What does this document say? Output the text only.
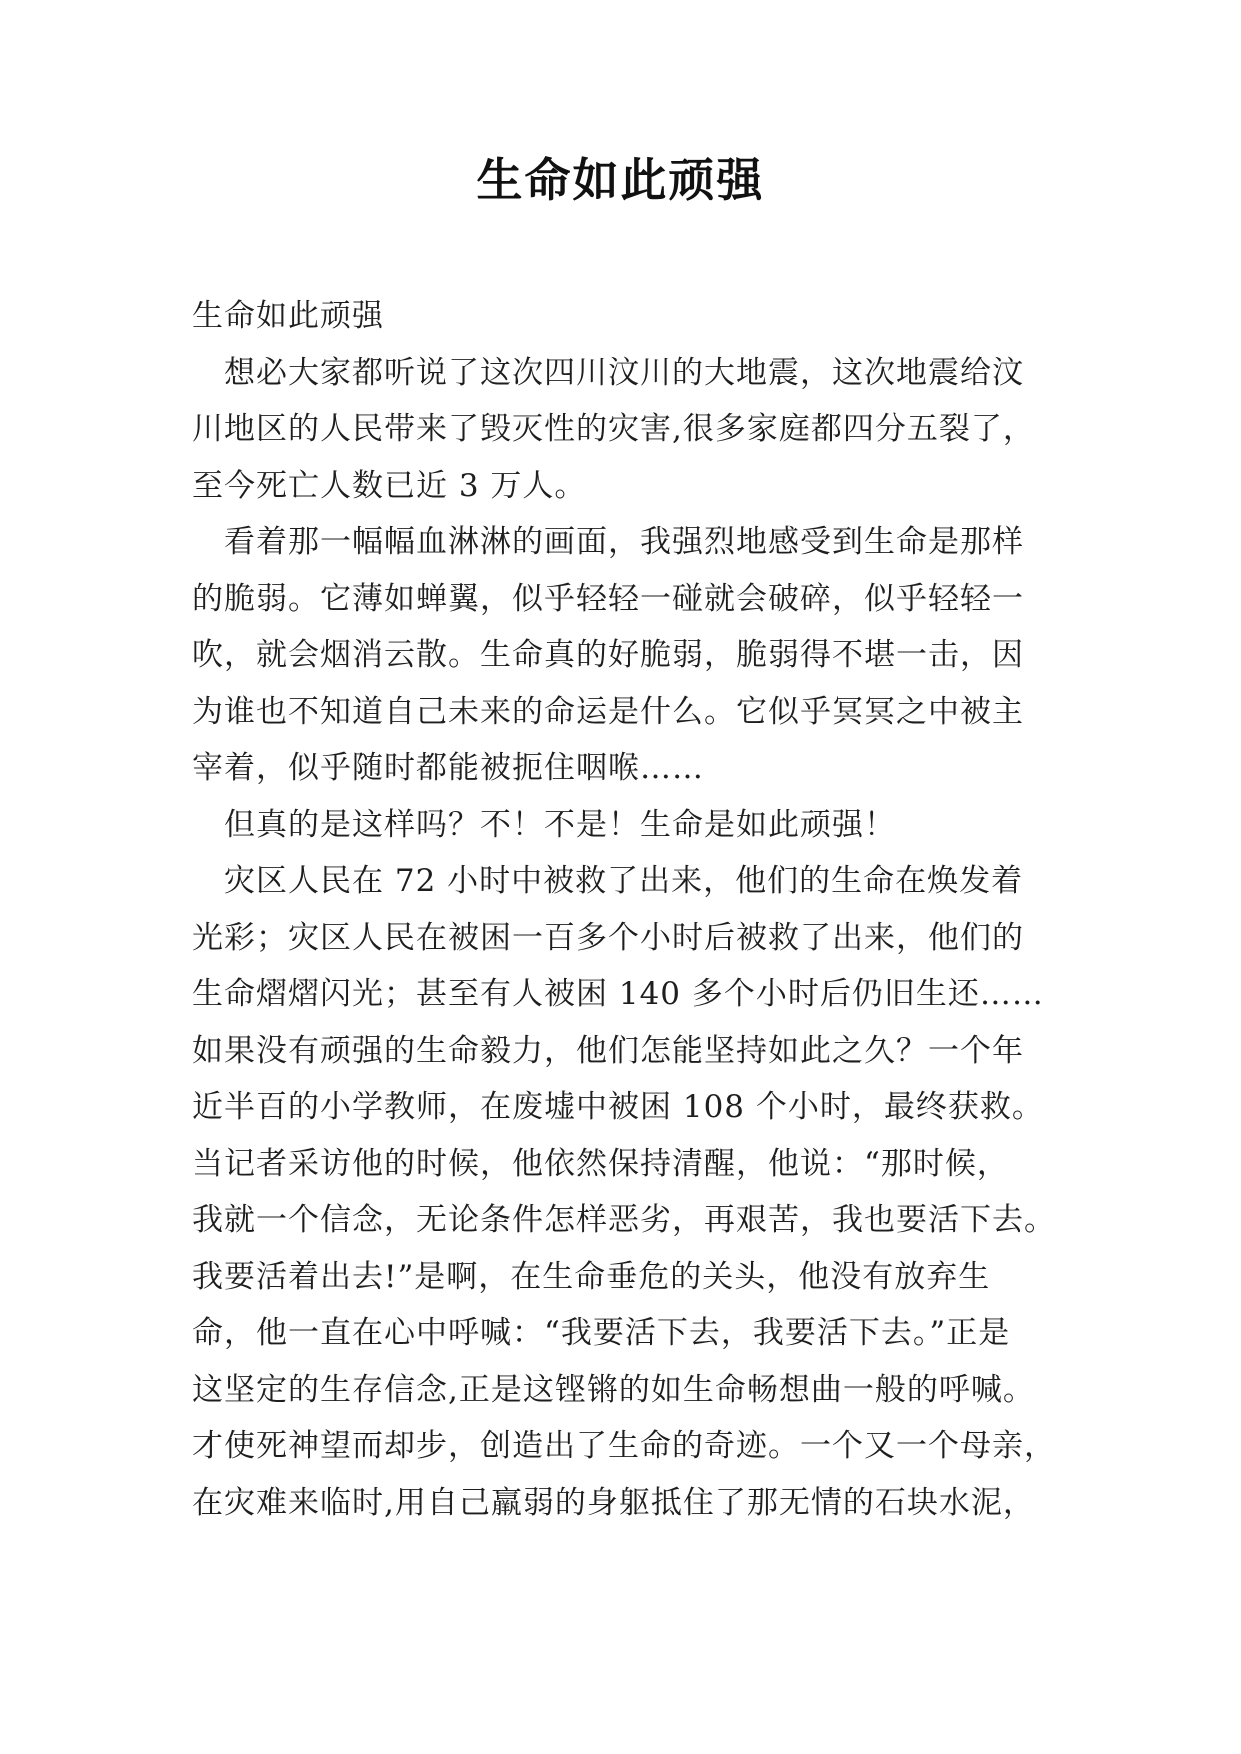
生命如此顽强
生命如此顽强
　想必大家都听说了这次四川汶川的大地震，这次地震给汶
川地区的人民带来了毁灭性的灾害,很多家庭都四分五裂了，
至今死亡人数已近 3 万人。
　看着那一幅幅血淋淋的画面，我强烈地感受到生命是那样
的脆弱。它薄如蝉翼，似乎轻轻一碰就会破碎，似乎轻轻一
吹，就会烟消云散。生命真的好脆弱，脆弱得不堪一击，因
为谁也不知道自己未来的命运是什么。它似乎冥冥之中被主
宰着，似乎随时都能被扼住咽喉……
　但真的是这样吗？不！不是！生命是如此顽强！
　灾区人民在 72 小时中被救了出来，他们的生命在焕发着
光彩；灾区人民在被困一百多个小时后被救了出来，他们的
生命熠熠闪光；甚至有人被困 140 多个小时后仍旧生还……
如果没有顽强的生命毅力，他们怎能坚持如此之久？一个年
近半百的小学教师，在废墟中被困 108 个小时，最终获救。
当记者采访他的时候，他依然保持清醒，他说：“那时候，
我就一个信念，无论条件怎样恶劣，再艰苦，我也要活下去。
我要活着出去!”是啊，在生命垂危的关头，他没有放弃生
命，他一直在心中呼喊：“我要活下去，我要活下去。”正是
这坚定的生存信念,正是这铿锵的如生命畅想曲一般的呼喊。
才使死神望而却步，创造出了生命的奇迹。一个又一个母亲，
在灾难来临时,用自己羸弱的身躯抵住了那无情的石块水泥，
